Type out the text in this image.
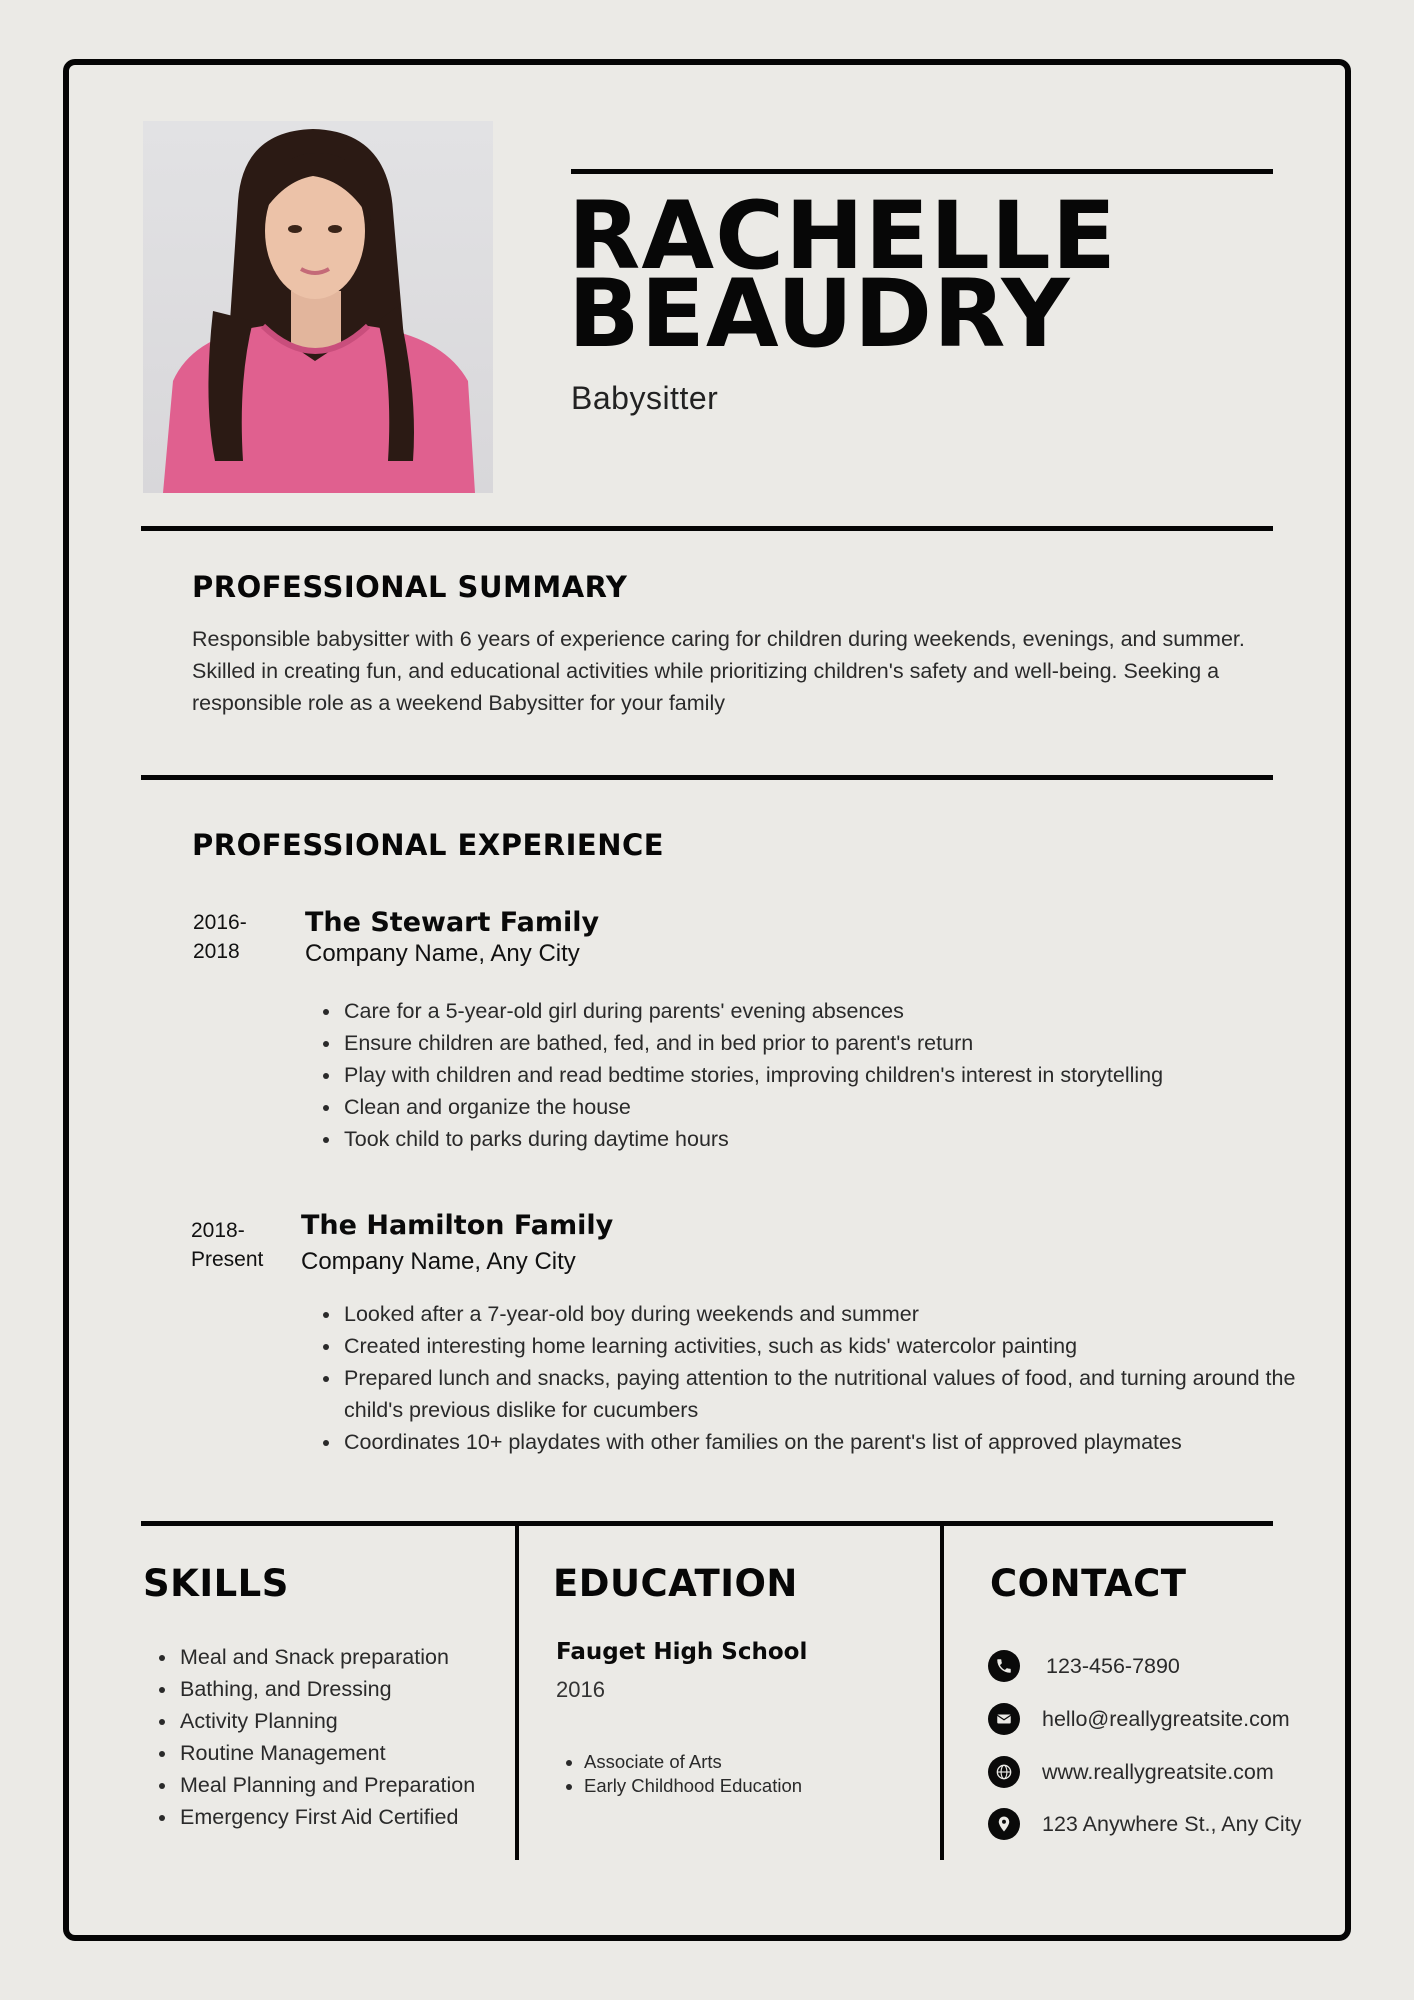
RACHELLE
BEAUDRY
Babysitter
PROFESSIONAL SUMMARY
Responsible babysitter with 6 years of experience caring for children during weekends, evenings, and summer. Skilled in creating fun, and educational activities while prioritizing children's safety and well-being. Seeking a responsible role as a weekend Babysitter for your family
PROFESSIONAL EXPERIENCE
2016-
2018
The Stewart Family
Company Name, Any City
• Care for a 5-year-old girl during parents' evening absences
• Ensure children are bathed, fed, and in bed prior to parent's return
• Play with children and read bedtime stories, improving children's interest in storytelling
• Clean and organize the house
• Took child to parks during daytime hours
2018-
Present
The Hamilton Family
Company Name, Any City
• Looked after a 7-year-old boy during weekends and summer
• Created interesting home learning activities, such as kids' watercolor painting
• Prepared lunch and snacks, paying attention to the nutritional values of food, and turning around the child's previous dislike for cucumbers
• Coordinates 10+ playdates with other families on the parent's list of approved playmates
SKILLS
• Meal and Snack preparation
• Bathing, and Dressing
• Activity Planning
• Routine Management
• Meal Planning and Preparation
• Emergency First Aid Certified
EDUCATION
Fauget High School
2016
• Associate of Arts
• Early Childhood Education
CONTACT
123-456-7890
hello@reallygreatsite.com
www.reallygreatsite.com
123 Anywhere St., Any City
